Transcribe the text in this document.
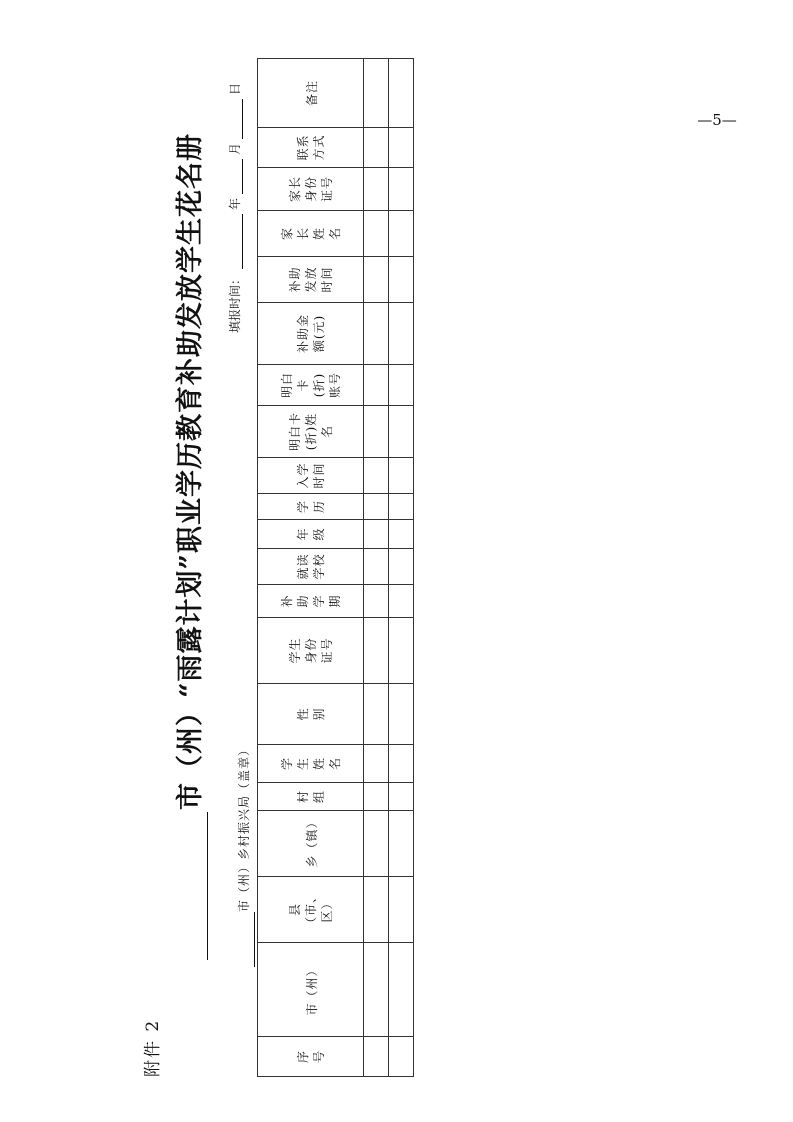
附件 2
市（州）“雨露计划”职业学历教育补助发放学生花名册
市（州）乡村振兴局（盖章）
填报时间：
年
月
日
序号	市（州）	县（市、区）	乡（镇）	村组	学生姓名	性别	学生身份证号	补助学期	就读学校	年级	学历	入学时间	明白卡(折)姓名	明白卡(折)账号	补助金额(元)	补助发放时间	家长姓名	家长身份证号	联系方式	备注

—5—
